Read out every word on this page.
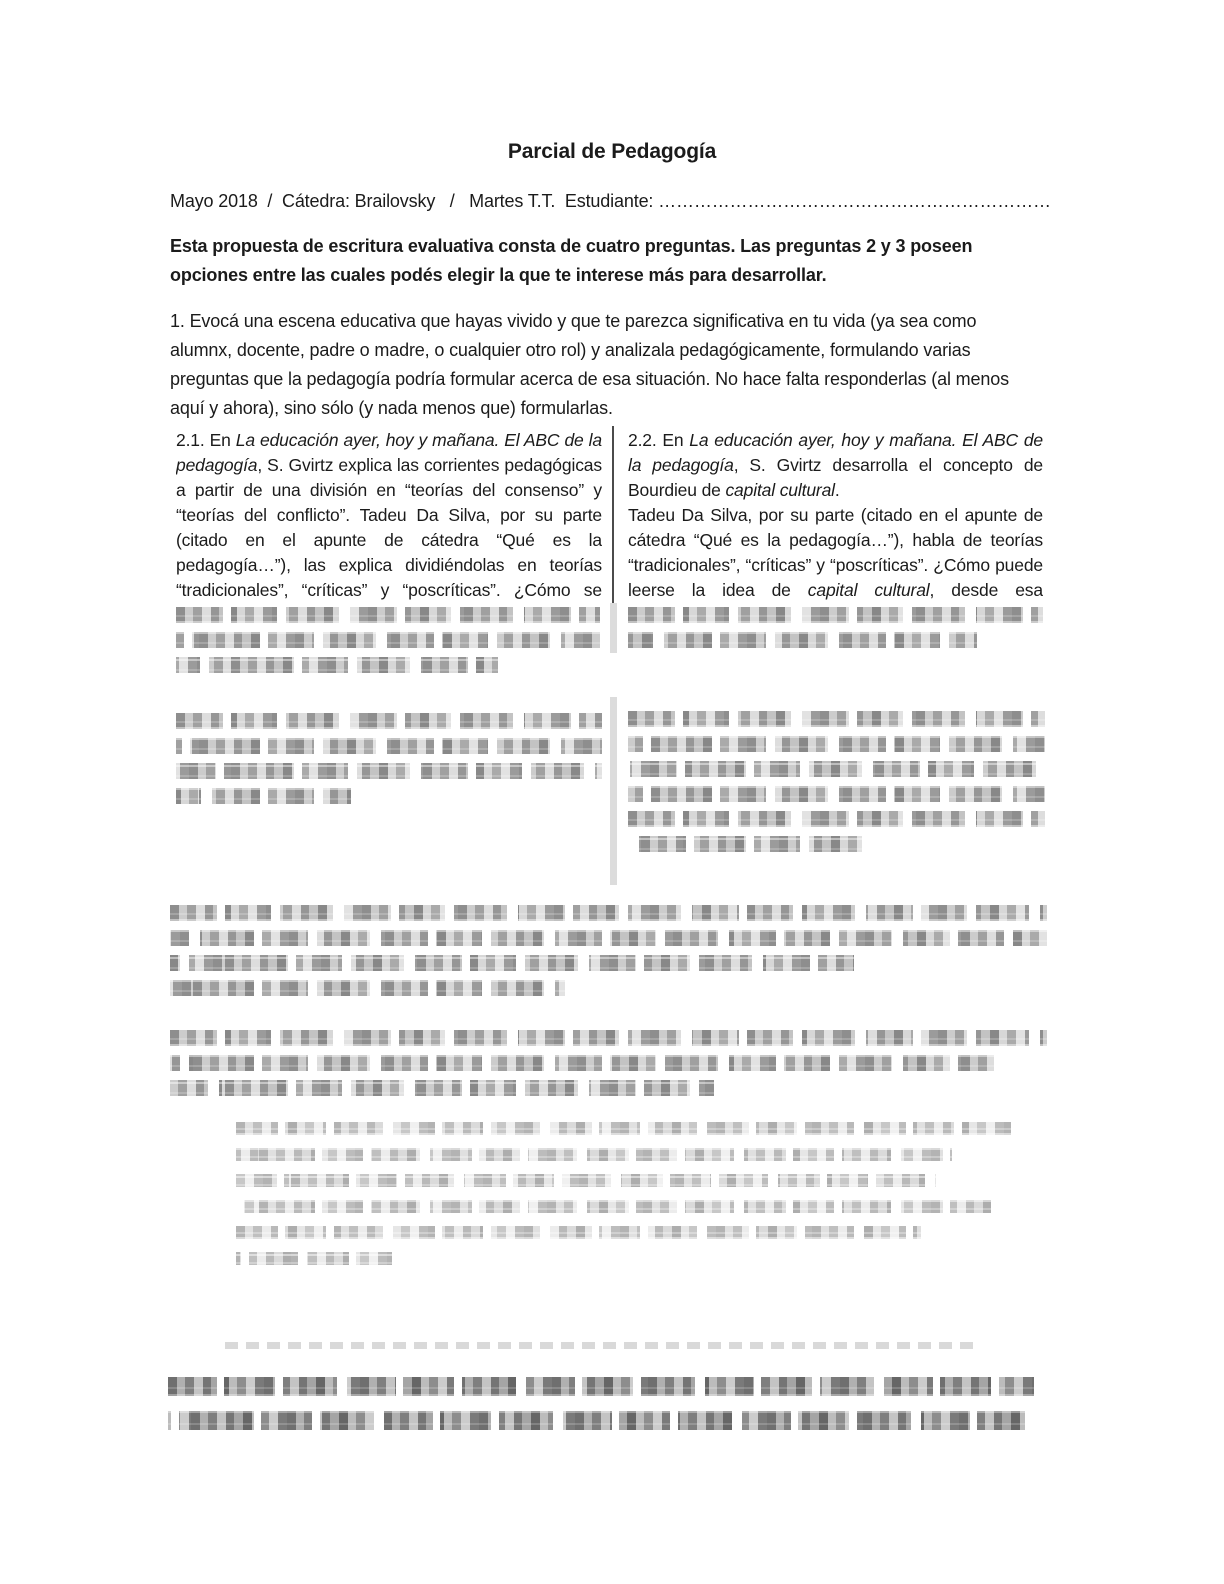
Parcial de Pedagogía
Mayo 2018  /  Cátedra: Brailovsky   /   Martes T.T.  Estudiante: …………………………………………………………

Esta propuesta de escritura evaluativa consta de cuatro preguntas. Las preguntas 2 y 3 poseen opciones entre las cuales podés elegir la que te interese más para desarrollar.

1. Evocá una escena educativa que hayas vivido y que te parezca significativa en tu vida (ya sea como alumnx, docente, padre o madre, o cualquier otro rol) y analizala pedagógicamente, formulando varias preguntas que la pedagogía podría formular acerca de esa situación. No hace falta responderlas (al menos aquí y ahora), sino sólo (y nada menos que) formularlas.

2.1. En La educación ayer, hoy y mañana. El ABC de la pedagogía, S. Gvirtz explica las corrientes pedagógicas a partir de una división en “teorías del consenso” y “teorías del conflicto”. Tadeu Da Silva, por su parte (citado en el apunte de cátedra “Qué es la pedagogía…”), las explica dividiéndolas en teorías “tradicionales”, “críticas” y “poscríticas”. ¿Cómo se

2.2. En La educación ayer, hoy y mañana. El ABC de la pedagogía, S. Gvirtz desarrolla el concepto de Bourdieu de capital cultural.

Tadeu Da Silva, por su parte (citado en el apunte de cátedra “Qué es la pedagogía…”), habla de teorías “tradicionales”, “críticas” y “poscríticas”. ¿Cómo puede leerse la idea de capital cultural, desde esa
